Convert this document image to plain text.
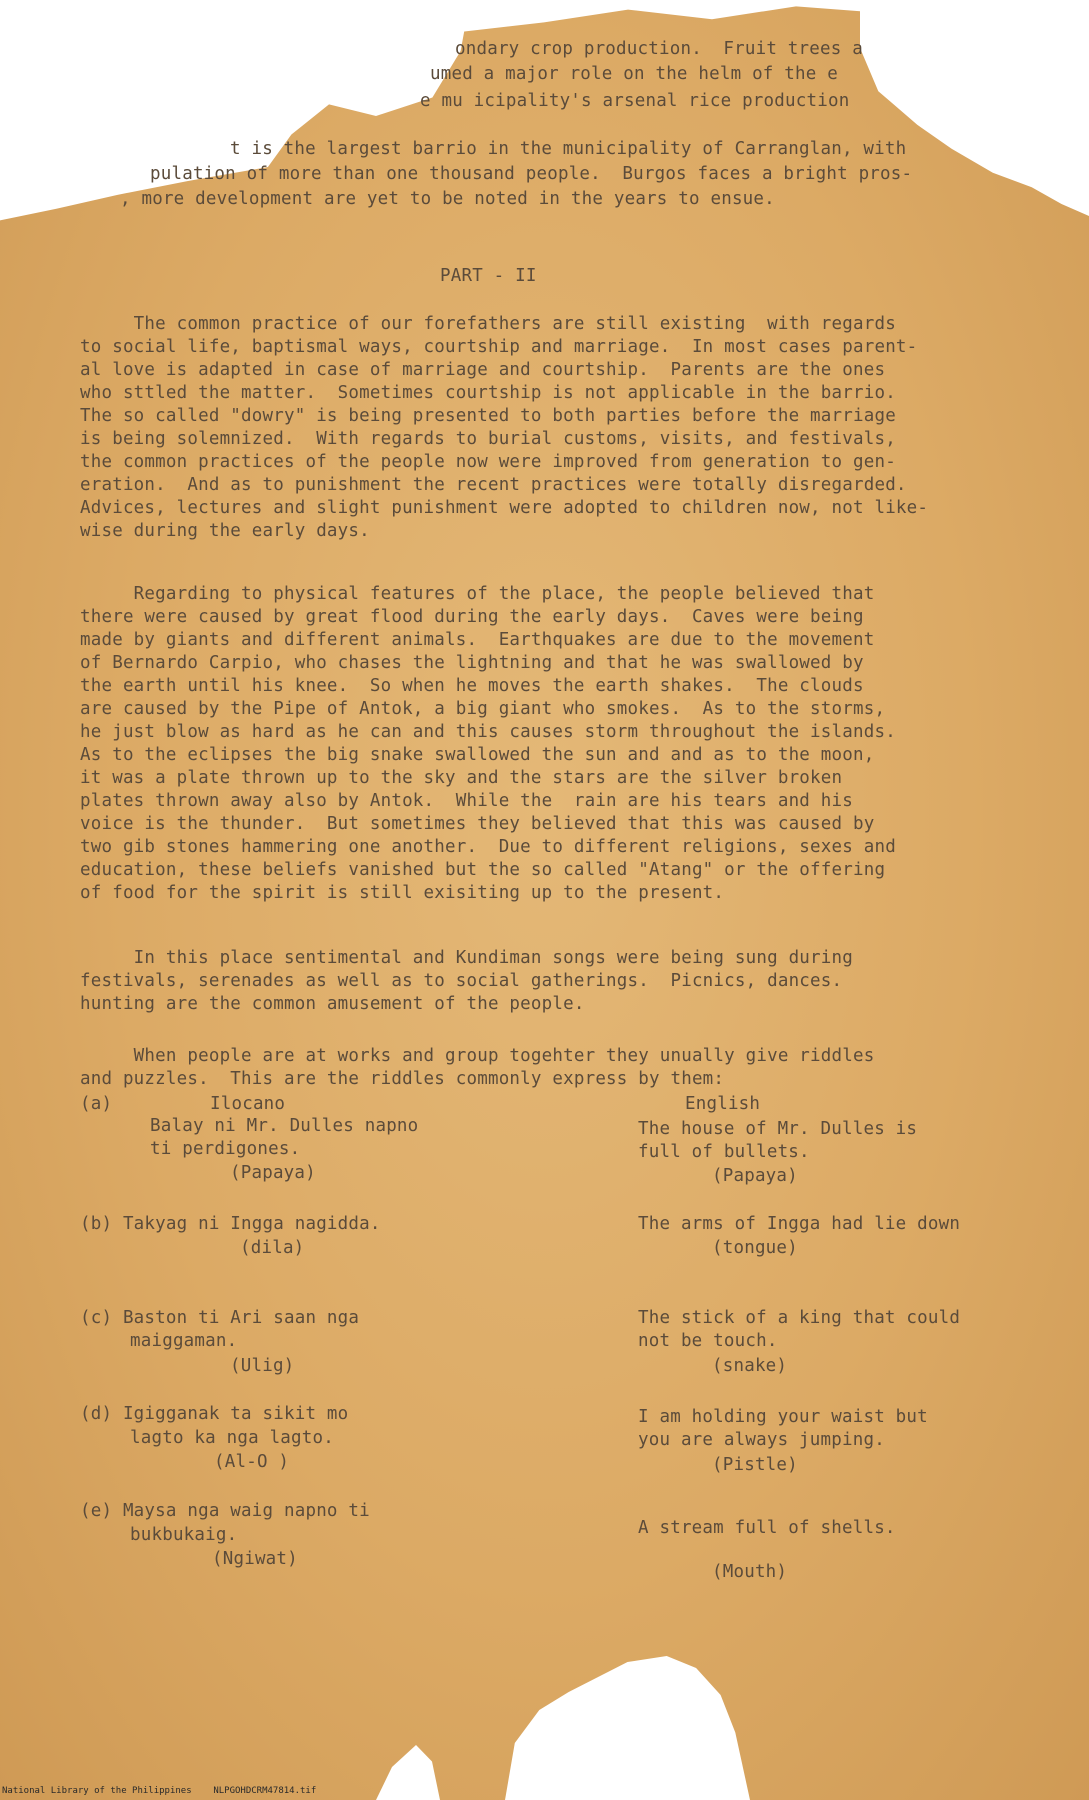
ondary crop production.  Fruit trees a
umed a major role on the helm of the e
e mu icipality's arsenal rice production
t is the largest barrio in the municipality of Carranglan, with
pulation of more than one thousand people.  Burgos faces a bright pros-
, more development are yet to be noted in the years to ensue.
PART - II
The common practice of our forefathers are still existing  with regards
to social life, baptismal ways, courtship and marriage.  In most cases parent-
al love is adapted in case of marriage and courtship.  Parents are the ones
who sttled the matter.  Sometimes courtship is not applicable in the barrio.
The so called "dowry" is being presented to both parties before the marriage
is being solemnized.  With regards to burial customs, visits, and festivals,
the common practices of the people now were improved from generation to gen-
eration.  And as to punishment the recent practices were totally disregarded.
Advices, lectures and slight punishment were adopted to children now, not like-
wise during the early days.
Regarding to physical features of the place, the people believed that
there were caused by great flood during the early days.  Caves were being
made by giants and different animals.  Earthquakes are due to the movement
of Bernardo Carpio, who chases the lightning and that he was swallowed by
the earth until his knee.  So when he moves the earth shakes.  The clouds
are caused by the Pipe of Antok, a big giant who smokes.  As to the storms,
he just blow as hard as he can and this causes storm throughout the islands.
As to the eclipses the big snake swallowed the sun and and as to the moon,
it was a plate thrown up to the sky and the stars are the silver broken
plates thrown away also by Antok.  While the  rain are his tears and his
voice is the thunder.  But sometimes they believed that this was caused by
two gib stones hammering one another.  Due to different religions, sexes and
education, these beliefs vanished but the so called "Atang" or the offering
of food for the spirit is still exisiting up to the present.
In this place sentimental and Kundiman songs were being sung during
festivals, serenades as well as to social gatherings.  Picnics, dances.
hunting are the common amusement of the people.
When people are at works and group togehter they unually give riddles
and puzzles.  This are the riddles commonly express by them:
(a)	Ilocano	English
Balay ni Mr. Dulles napno
ti perdigones.
(Papaya)
The house of Mr. Dulles is
full of bullets.
(Papaya)
(b) Takyag ni Ingga nagidda.
(dila)
The arms of Ingga had lie down
(tongue)
(c) Baston ti Ari saan nga
maiggaman.
(Ulig)
The stick of a king that could
not be touch.
(snake)
(d) Igigganak ta sikit mo
lagto ka nga lagto.
(Al-O )
I am holding your waist but
you are always jumping.
(Pistle)
(e) Maysa nga waig napno ti
bukbukaig.
(Ngiwat)
A stream full of shells.
(Mouth)
National Library of the Philippines    NLPGOHDCRM47814.tif
